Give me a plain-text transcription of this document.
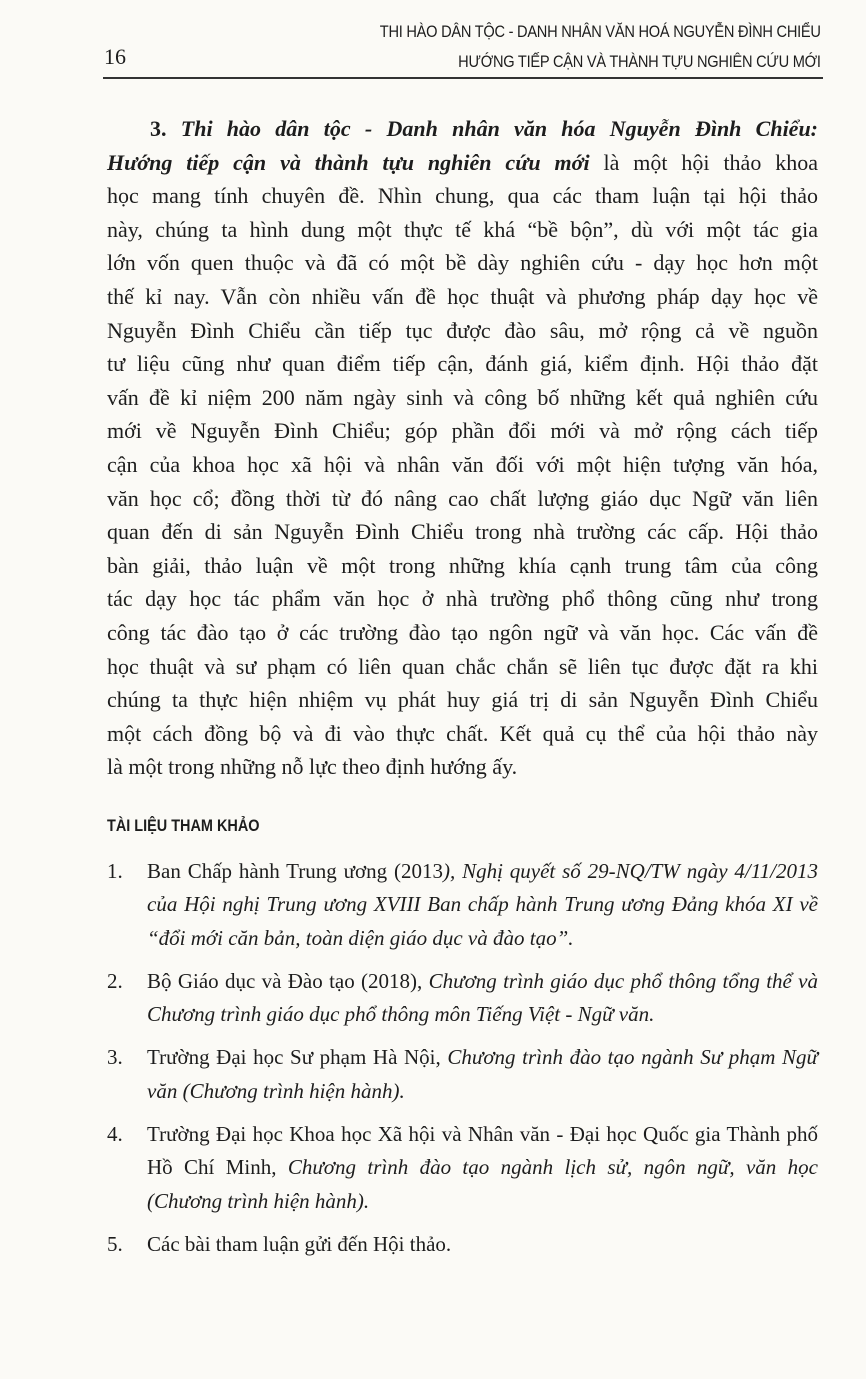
16
THI HÀO DÂN TỘC - DANH NHÂN VĂN HOÁ NGUYỄN ĐÌNH CHIỂU
HƯỚNG TIẾP CẬN VÀ THÀNH TỰU NGHIÊN CỨU MỚI
3. Thi hào dân tộc - Danh nhân văn hóa Nguyễn Đình Chiểu:
Hướng tiếp cận và thành tựu nghiên cứu mới là một hội thảo khoa
học mang tính chuyên đề. Nhìn chung, qua các tham luận tại hội thảo
này, chúng ta hình dung một thực tế khá “bề bộn”, dù với một tác gia
lớn vốn quen thuộc và đã có một bề dày nghiên cứu - dạy học hơn một
thế kỉ nay. Vẫn còn nhiều vấn đề học thuật và phương pháp dạy học về
Nguyễn Đình Chiểu cần tiếp tục được đào sâu, mở rộng cả về nguồn
tư liệu cũng như quan điểm tiếp cận, đánh giá, kiểm định. Hội thảo đặt
vấn đề kỉ niệm 200 năm ngày sinh và công bố những kết quả nghiên cứu
mới về Nguyễn Đình Chiểu; góp phần đổi mới và mở rộng cách tiếp
cận của khoa học xã hội và nhân văn đối với một hiện tượng văn hóa,
văn học cổ; đồng thời từ đó nâng cao chất lượng giáo dục Ngữ văn liên
quan đến di sản Nguyễn Đình Chiểu trong nhà trường các cấp. Hội thảo
bàn giải, thảo luận về một trong những khía cạnh trung tâm của công
tác dạy học tác phẩm văn học ở nhà trường phổ thông cũng như trong
công tác đào tạo ở các trường đào tạo ngôn ngữ và văn học. Các vấn đề
học thuật và sư phạm có liên quan chắc chắn sẽ liên tục được đặt ra khi
chúng ta thực hiện nhiệm vụ phát huy giá trị di sản Nguyễn Đình Chiểu
một cách đồng bộ và đi vào thực chất. Kết quả cụ thể của hội thảo này
là một trong những nỗ lực theo định hướng ấy.
TÀI LIỆU THAM KHẢO
1.	Ban Chấp hành Trung ương (2013), Nghị quyết số 29-NQ/TW ngày 4/11/2013 của Hội nghị Trung ương XVIII Ban chấp hành Trung ương Đảng khóa XI về “đổi mới căn bản, toàn diện giáo dục và đào tạo”.
2.	Bộ Giáo dục và Đào tạo (2018), Chương trình giáo dục phổ thông tổng thể và Chương trình giáo dục phổ thông môn Tiếng Việt - Ngữ văn.
3.	Trường Đại học Sư phạm Hà Nội, Chương trình đào tạo ngành Sư phạm Ngữ văn (Chương trình hiện hành).
4.	Trường Đại học Khoa học Xã hội và Nhân văn - Đại học Quốc gia Thành phố Hồ Chí Minh, Chương trình đào tạo ngành lịch sử, ngôn ngữ, văn học (Chương trình hiện hành).
5.	Các bài tham luận gửi đến Hội thảo.
